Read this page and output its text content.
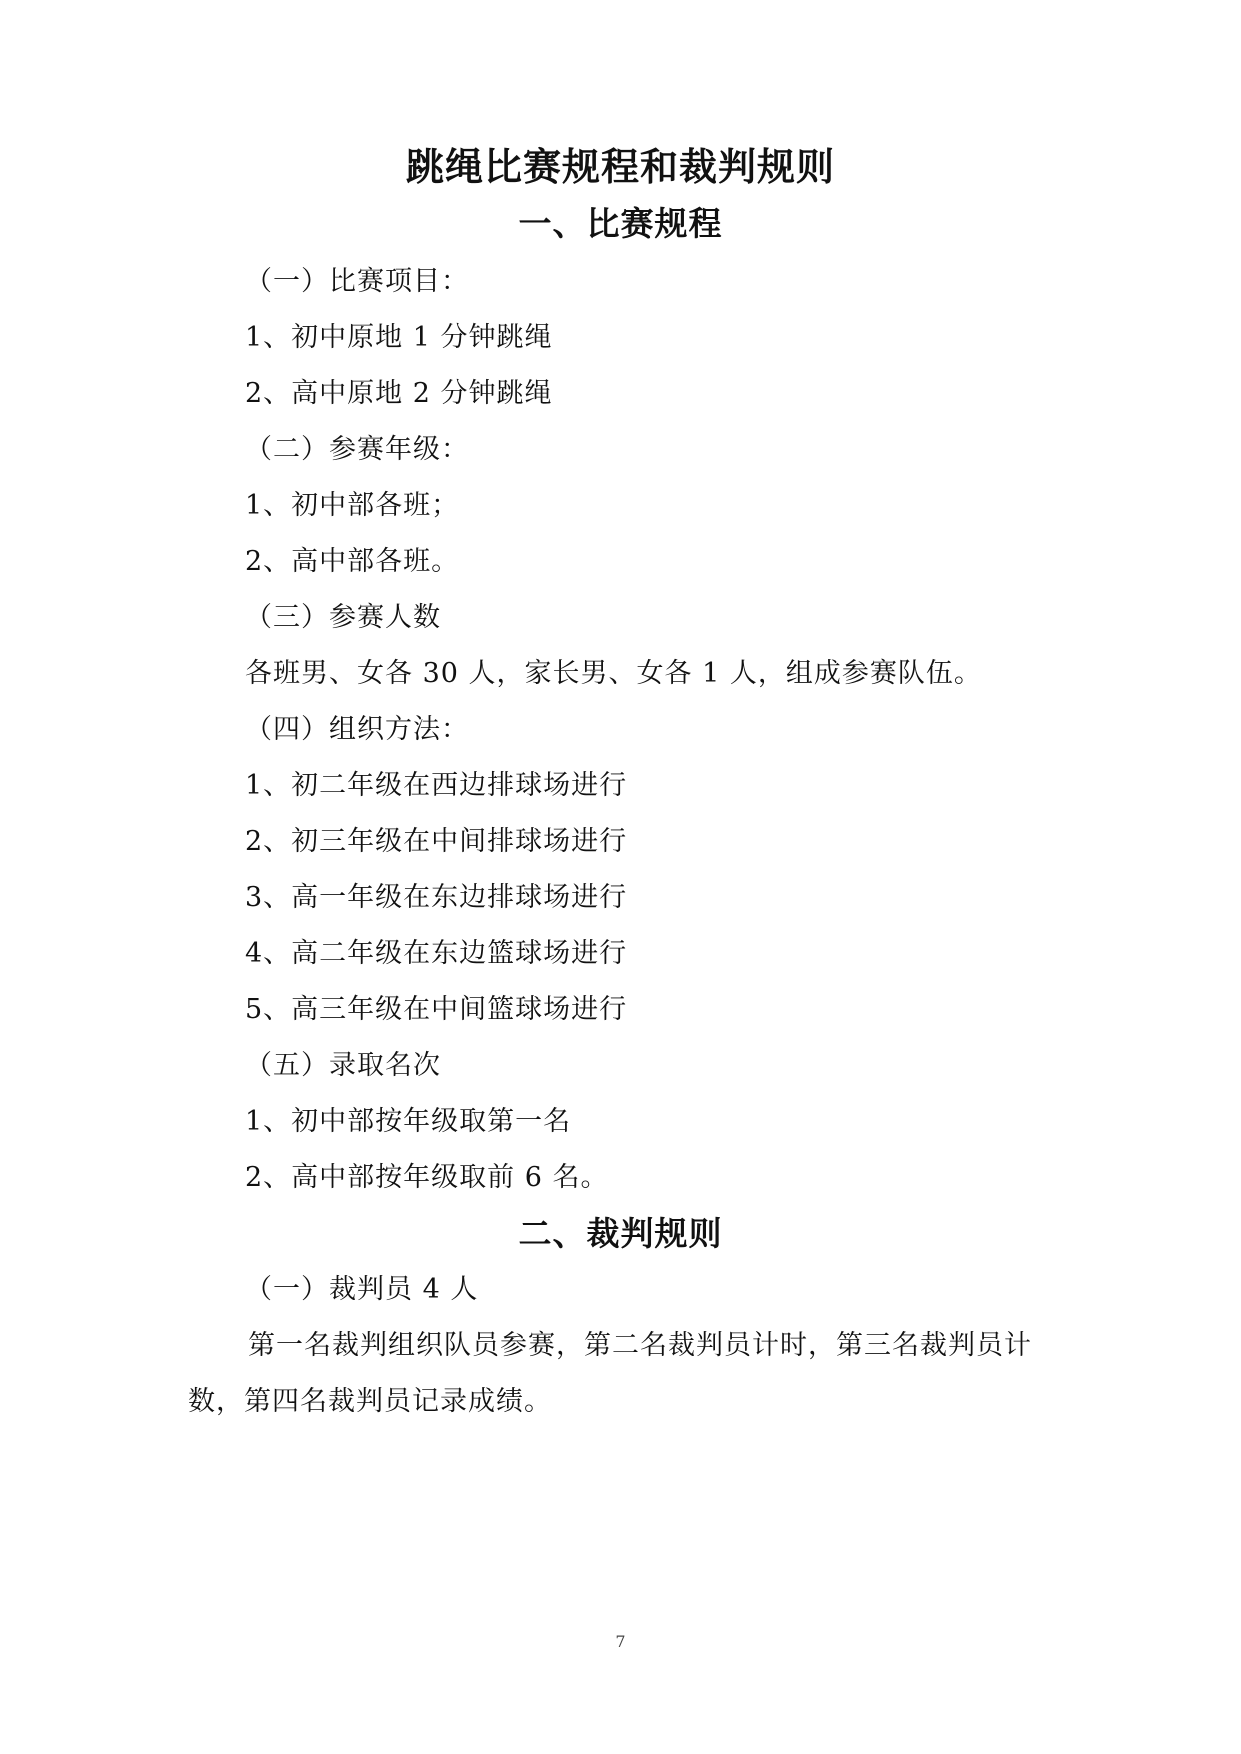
跳绳比赛规程和裁判规则
一、比赛规程
（一）比赛项目：
1、初中原地 1 分钟跳绳
2、高中原地 2 分钟跳绳
（二）参赛年级：
1、初中部各班；
2、高中部各班。
（三）参赛人数
各班男、女各 30 人，家长男、女各 1 人，组成参赛队伍。
（四）组织方法：
1、初二年级在西边排球场进行
2、初三年级在中间排球场进行
3、高一年级在东边排球场进行
4、高二年级在东边篮球场进行
5、高三年级在中间篮球场进行
（五）录取名次
1、初中部按年级取第一名
2、高中部按年级取前 6 名。
二、裁判规则
（一）裁判员 4 人
第一名裁判组织队员参赛，第二名裁判员计时，第三名裁判员计
数，第四名裁判员记录成绩。
7
